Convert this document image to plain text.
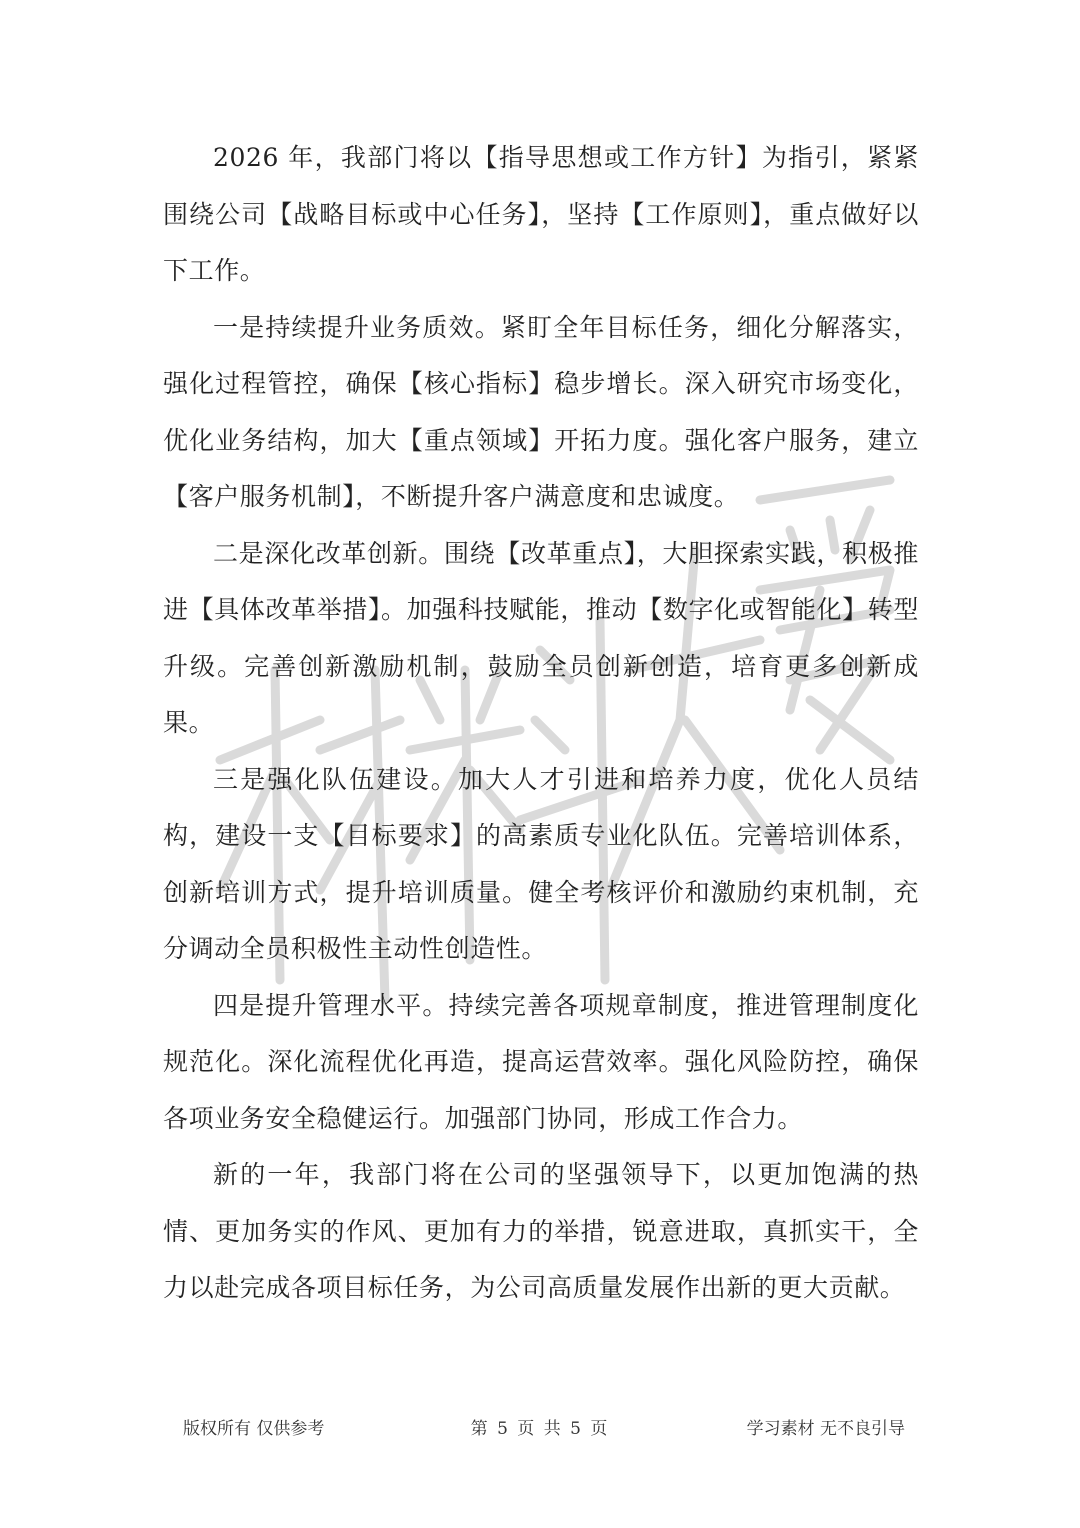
2026 年，我部门将以【指导思想或工作方针】为指引，紧紧围绕公司【战略目标或中心任务】，坚持【工作原则】，重点做好以下工作。

一是持续提升业务质效。紧盯全年目标任务，细化分解落实，强化过程管控，确保【核心指标】稳步增长。深入研究市场变化，优化业务结构，加大【重点领域】开拓力度。强化客户服务，建立【客户服务机制】，不断提升客户满意度和忠诚度。

二是深化改革创新。围绕【改革重点】，大胆探索实践，积极推进【具体改革举措】。加强科技赋能，推动【数字化或智能化】转型升级。完善创新激励机制，鼓励全员创新创造，培育更多创新成果。

三是强化队伍建设。加大人才引进和培养力度，优化人员结构，建设一支【目标要求】的高素质专业化队伍。完善培训体系，创新培训方式，提升培训质量。健全考核评价和激励约束机制，充分调动全员积极性主动性创造性。

四是提升管理水平。持续完善各项规章制度，推进管理制度化规范化。深化流程优化再造，提高运营效率。强化风险防控，确保各项业务安全稳健运行。加强部门协同，形成工作合力。

新的一年，我部门将在公司的坚强领导下，以更加饱满的热情、更加务实的作风、更加有力的举措，锐意进取，真抓实干，全力以赴完成各项目标任务，为公司高质量发展作出新的更大贡献。

版权所有 仅供参考	第 5 页 共 5 页	学习素材 无不良引导
